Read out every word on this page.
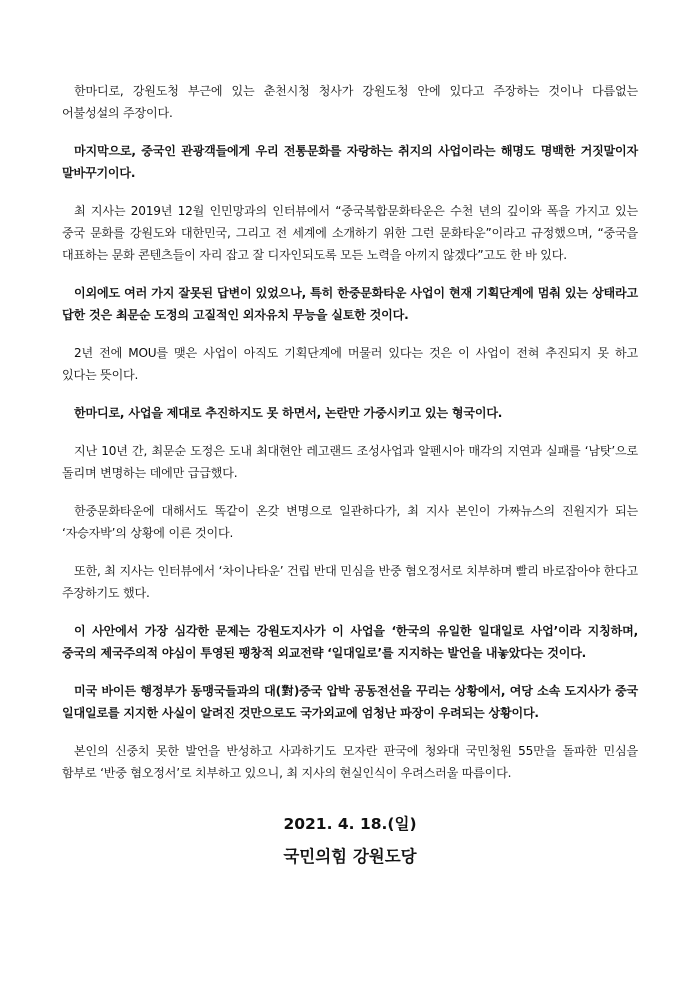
한마디로, 강원도청 부근에 있는 춘천시청 청사가 강원도청 안에 있다고 주장하는 것이나 다름없는 어불성설의 주장이다.

마지막으로, 중국인 관광객들에게 우리 전통문화를 자랑하는 취지의 사업이라는 해명도 명백한 거짓말이자 말바꾸기이다.

최 지사는 2019년 12월 인민망과의 인터뷰에서 “중국복합문화타운은 수천 년의 깊이와 폭을 가지고 있는 중국 문화를 강원도와 대한민국, 그리고 전 세계에 소개하기 위한 그런 문화타운”이라고 규정했으며, “중국을 대표하는 문화 콘텐츠들이 자리 잡고 잘 디자인되도록 모든 노력을 아끼지 않겠다”고도 한 바 있다.

이외에도 여러 가지 잘못된 답변이 있었으나, 특히 한중문화타운 사업이 현재 기획단계에 멈춰 있는 상태라고 답한 것은 최문순 도정의 고질적인 외자유치 무능을 실토한 것이다.

2년 전에 MOU를 맺은 사업이 아직도 기획단계에 머물러 있다는 것은 이 사업이 전혀 추진되지 못 하고 있다는 뜻이다.

한마디로, 사업을 제대로 추진하지도 못 하면서, 논란만 가중시키고 있는 형국이다.

지난 10년 간, 최문순 도정은 도내 최대현안 레고랜드 조성사업과 알펜시아 매각의 지연과 실패를 ‘남탓’으로 돌리며 변명하는 데에만 급급했다.

한중문화타운에 대해서도 똑같이 온갖 변명으로 일관하다가, 최 지사 본인이 가짜뉴스의 진원지가 되는 ‘자승자박’의 상황에 이른 것이다.

또한, 최 지사는 인터뷰에서 ‘차이나타운’ 건립 반대 민심을 반중 혐오정서로 치부하며 빨리 바로잡아야 한다고 주장하기도 했다.

이 사안에서 가장 심각한 문제는 강원도지사가 이 사업을 ‘한국의 유일한 일대일로 사업’이라 지칭하며, 중국의 제국주의적 야심이 투영된 팽창적 외교전략 ‘일대일로’를 지지하는 발언을 내놓았다는 것이다.

미국 바이든 행정부가 동맹국들과의 대(對)중국 압박 공동전선을 꾸리는 상황에서, 여당 소속 도지사가 중국 일대일로를 지지한 사실이 알려진 것만으로도 국가외교에 엄청난 파장이 우려되는 상황이다.

본인의 신중치 못한 발언을 반성하고 사과하기도 모자란 판국에 청와대 국민청원 55만을 돌파한 민심을 함부로 ‘반중 혐오정서’로 치부하고 있으니, 최 지사의 현실인식이 우려스러울 따름이다.

2021. 4. 18.(일)

국민의힘 강원도당
